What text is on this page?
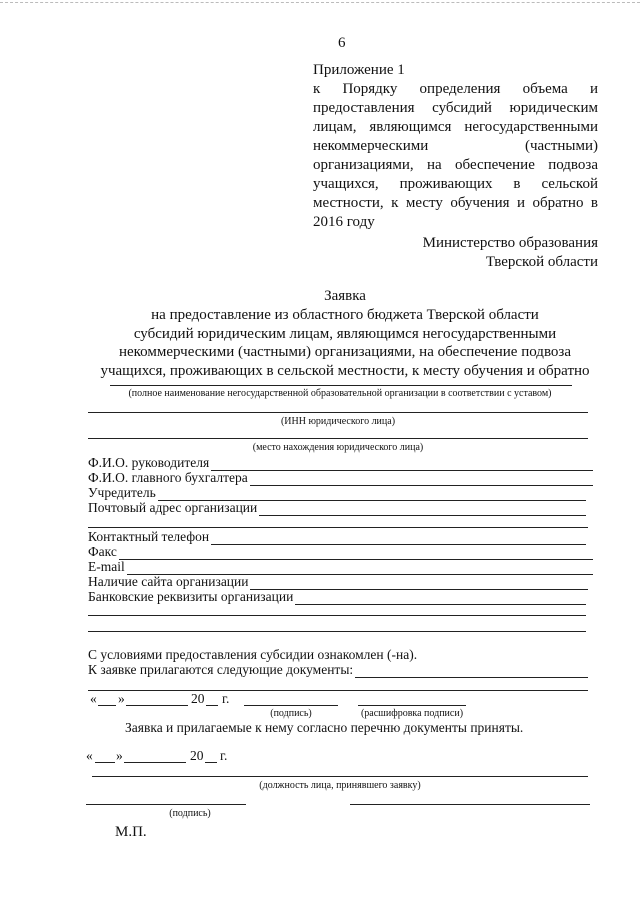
6
Приложение 1
к Порядку определения объема и
предоставления субсидий юридическим
лицам, являющимся негосударственными
некоммерческими (частными)
организациями, на обеспечение подвоза
учащихся, проживающих в сельской
местности, к месту обучения и обратно в
2016 году
Министерство образования
Тверской области
Заявка
на предоставление из областного бюджета Тверской области
субсидий юридическим лицам, являющимся негосударственными
некоммерческими (частными) организациями, на обеспечение подвоза
учащихся, проживающих в сельской местности, к месту обучения и обратно
(полное наименование негосударственной образовательной организации в соответствии с уставом)
(ИНН юридического лица)
(место нахождения юридического лица)
Ф.И.О. руководителя
Ф.И.О. главного бухгалтера
Учредитель
Почтовый адрес организации
Контактный телефон
Факс
E-mail
Наличие сайта организации
Банковские реквизиты организации
С условиями предоставления субсидии ознакомлен (-на).
К заявке прилагаются следующие документы:
« »	20 г.
(подпись)	(расшифровка подписи)
Заявка и прилагаемые к нему согласно перечню документы приняты.
« »	20 г.
(должность лица, принявшего заявку)
(подпись)
М.П.
